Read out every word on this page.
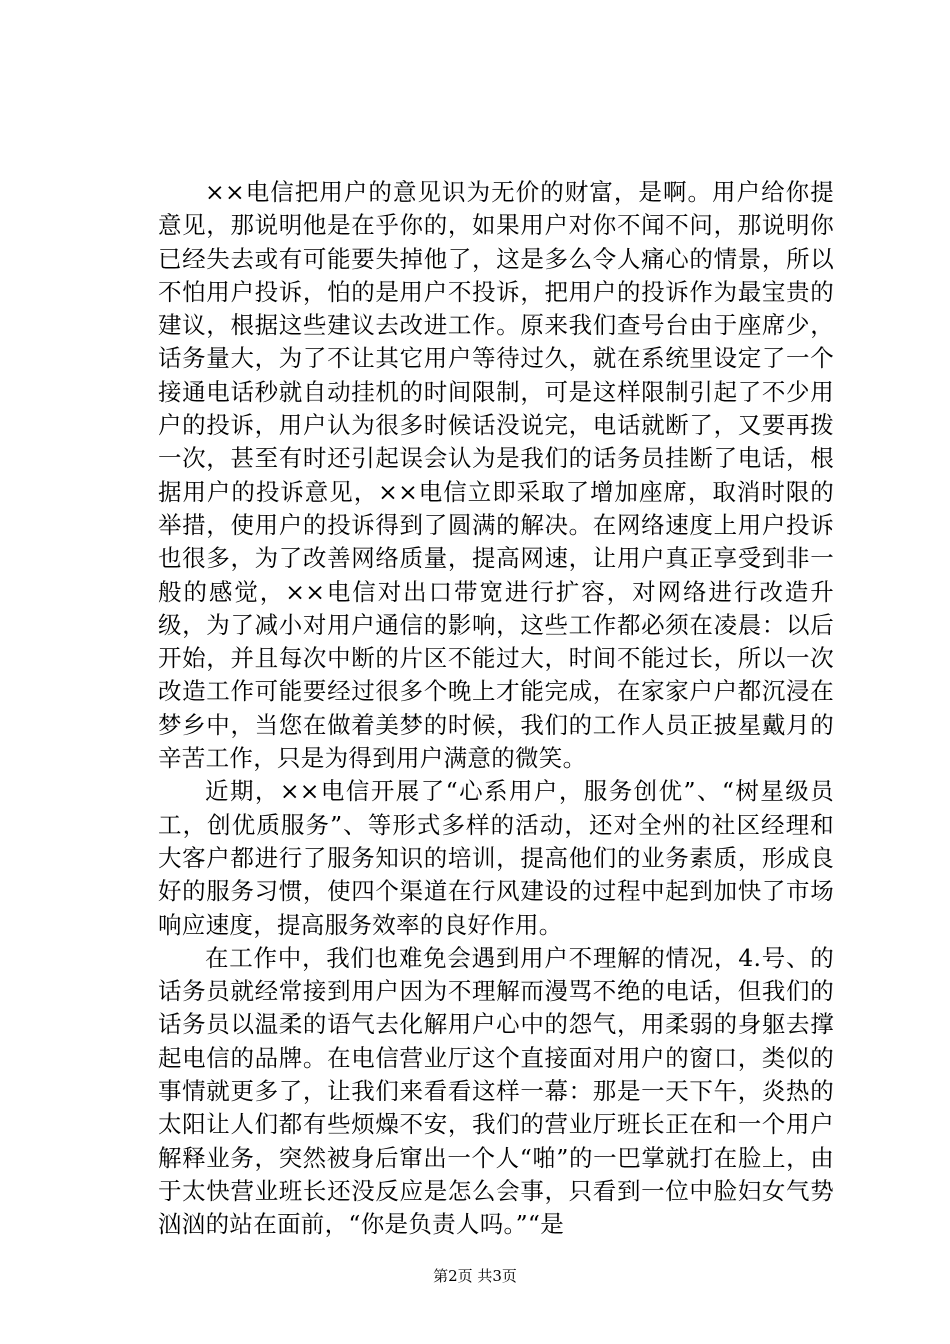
××电信把用户的意见识为无价的财富，是啊。用户给你提意见，那说明他是在乎你的，如果用户对你不闻不问，那说明你已经失去或有可能要失掉他了，这是多么令人痛心的情景，所以不怕用户投诉，怕的是用户不投诉，把用户的投诉作为最宝贵的建议，根据这些建议去改进工作。原来我们查号台由于座席少，话务量大，为了不让其它用户等待过久，就在系统里设定了一个接通电话秒就自动挂机的时间限制，可是这样限制引起了不少用户的投诉，用户认为很多时候话没说完，电话就断了，又要再拨一次，甚至有时还引起误会认为是我们的话务员挂断了电话，根据用户的投诉意见，××电信立即采取了增加座席，取消时限的举措，使用户的投诉得到了圆满的解决。在网络速度上用户投诉也很多，为了改善网络质量，提高网速，让用户真正享受到非一般的感觉，××电信对出口带宽进行扩容，对网络进行改造升级，为了减小对用户通信的影响，这些工作都必须在凌晨：以后开始，并且每次中断的片区不能过大，时间不能过长，所以一次改造工作可能要经过很多个晚上才能完成，在家家户户都沉浸在梦乡中，当您在做着美梦的时候，我们的工作人员正披星戴月的辛苦工作，只是为得到用户满意的微笑。

近期，××电信开展了“心系用户，服务创优”、“树星级员工，创优质服务”、等形式多样的活动，还对全州的社区经理和大客户都进行了服务知识的培训，提高他们的业务素质，形成良好的服务习惯，使四个渠道在行风建设的过程中起到加快了市场响应速度，提高服务效率的良好作用。

在工作中，我们也难免会遇到用户不理解的情况，4.号、的话务员就经常接到用户因为不理解而漫骂不绝的电话，但我们的话务员以温柔的语气去化解用户心中的怨气，用柔弱的身躯去撑起电信的品牌。在电信营业厅这个直接面对用户的窗口，类似的事情就更多了，让我们来看看这样一幕：那是一天下午，炎热的太阳让人们都有些烦燥不安，我们的营业厅班长正在和一个用户解释业务，突然被身后窜出一个人“啪”的一巴掌就打在脸上，由于太快营业班长还没反应是怎么会事，只看到一位中脸妇女气势汹汹的站在面前，“你是负责人吗。”“是

第2页 共3页
